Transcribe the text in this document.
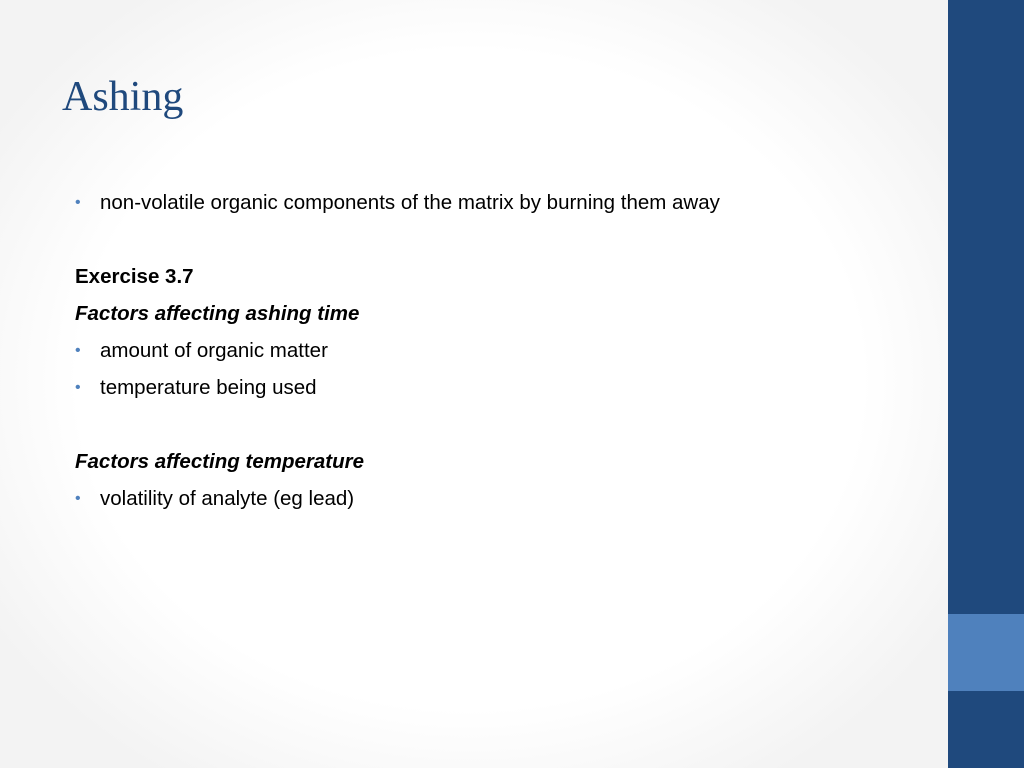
Ashing
• non-volatile organic components of the matrix by burning them away
Exercise 3.7
Factors affecting ashing time
• amount of organic matter
• temperature being used
Factors affecting temperature
• volatility of analyte (eg lead)
